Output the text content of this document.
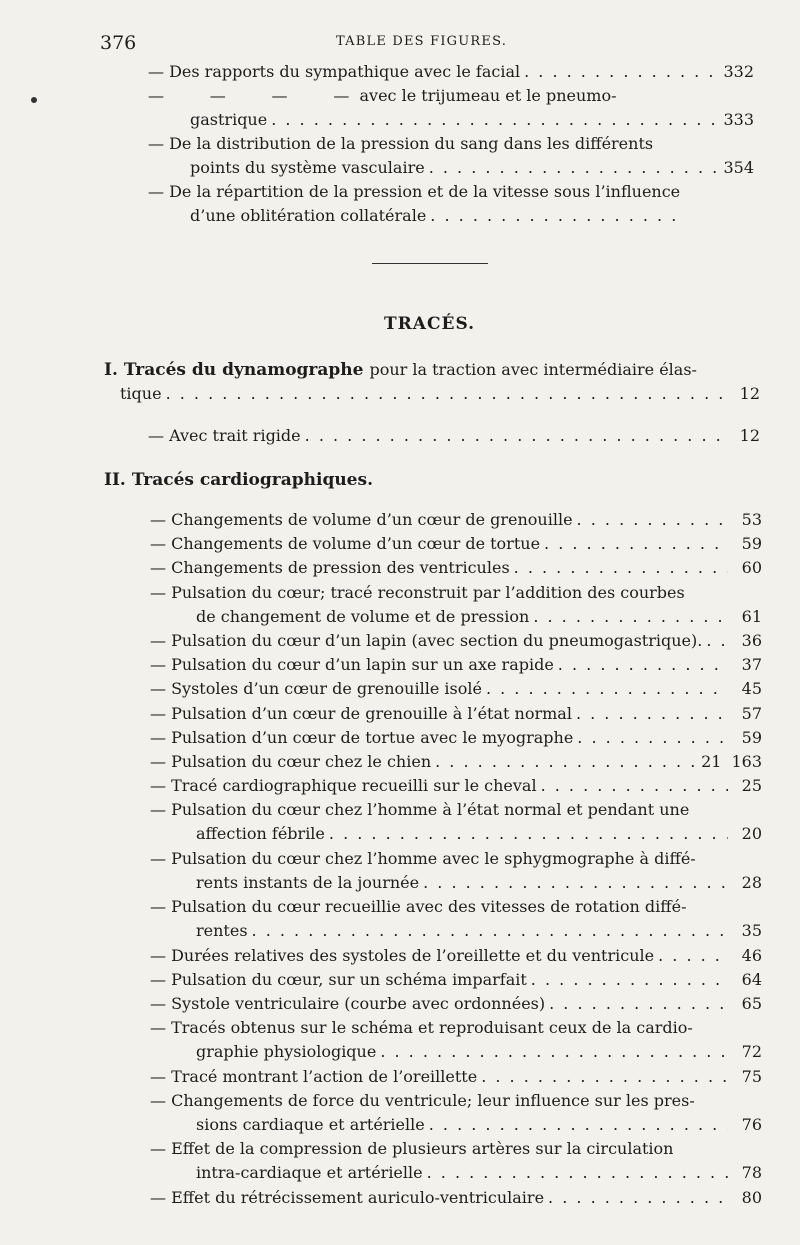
376	TABLE DES FIGURES.
— Des rapports du sympathique avec le facial . . .	332
—         —         —         —  avec le trijumeau et le pneumo-
gastrique . . .	333
— De la distribution de la pression du sang dans les différents
points du système vasculaire . . .	354
— De la répartition de la pression et de la vitesse sous l’influence
d’une oblitération collatérale
. . .
TRACÉS.
I. Tracés du dynamographe pour la traction avec intermédiaire élas-
tique . . .	12
— Avec trait rigide . . .	12
II. Tracés cardiographiques.
— Changements de volume d’un cœur de grenouille . . .	53
— Changements de volume d’un cœur de tortue . . .	59
— Changements de pression des ventricules . . .	60
— Pulsation du cœur; tracé reconstruit par l’addition des courbes
de changement de volume et de pression . . .	61
— Pulsation du cœur d’un lapin (avec section du pneumogastrique). . . .	36
— Pulsation du cœur d’un lapin sur un axe rapide . . .	37
— Systoles d’un cœur de grenouille isolé . . .	45
— Pulsation d’un cœur de grenouille à l’état normal . . .	57
— Pulsation d’un cœur de tortue avec le myographe . . .	59
— Pulsation du cœur chez le chien . . .	21 163
— Tracé cardiographique recueilli sur le cheval . . .	25
— Pulsation du cœur chez l’homme à l’état normal et pendant une
affection fébrile . . .	20
— Pulsation du cœur chez l’homme avec le sphygmographe à diffé-
rents instants de la journée . . .	28
— Pulsation du cœur recueillie avec des vitesses de rotation diffé-
rentes . . .	35
— Durées relatives des systoles de l’oreillette et du ventricule . . .	46
— Pulsation du cœur, sur un schéma imparfait . . .	64
— Systole ventriculaire (courbe avec ordonnées) . . .	65
— Tracés obtenus sur le schéma et reproduisant ceux de la cardio-
graphie physiologique . . .	72
— Tracé montrant l’action de l’oreillette . . .	75
— Changements de force du ventricule; leur influence sur les pres-
sions cardiaque et artérielle . . .	76
— Effet de la compression de plusieurs artères sur la circulation
intra-cardiaque et artérielle . . .	78
— Effet du rétrécissement auriculo-ventriculaire . . .	80
